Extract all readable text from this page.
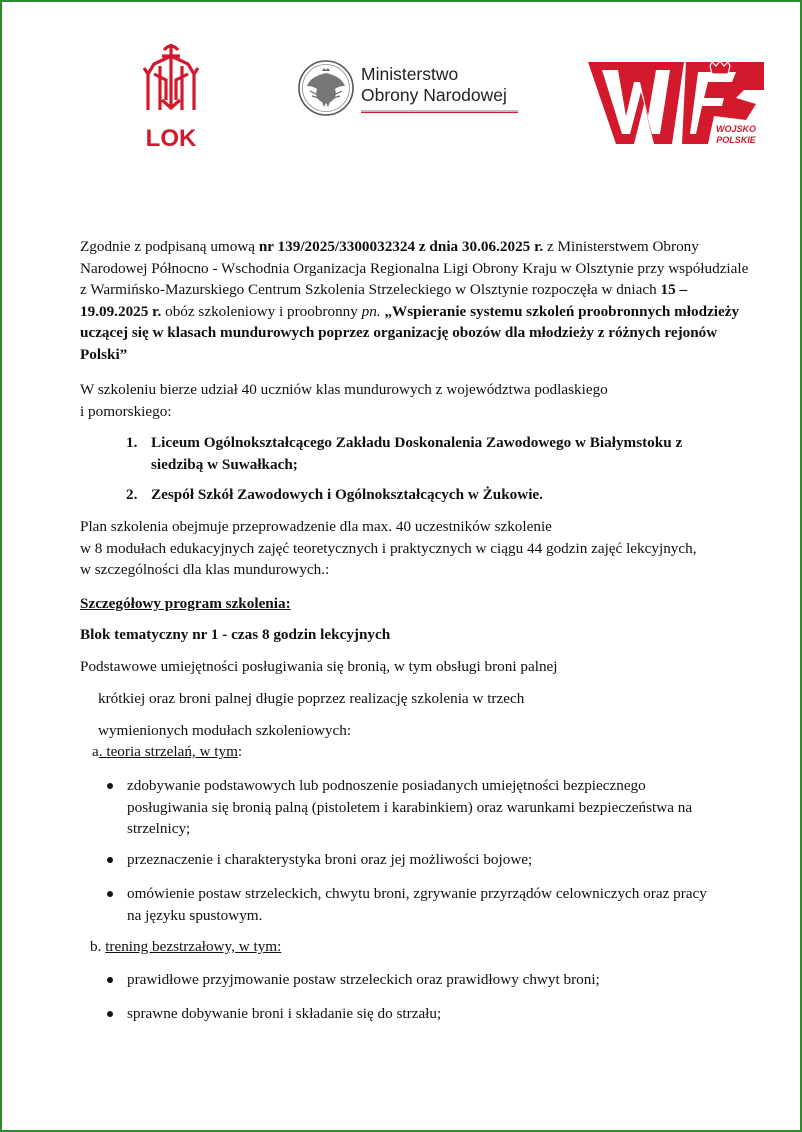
LOK
Ministerstwo
Obrony Narodowej
WOJSKO
POLSKIE

Zgodnie z podpisaną umową nr 139/2025/3300032324 z dnia 30.06.2025 r. z Ministerstwem Obrony Narodowej Północno - Wschodnia Organizacja Regionalna Ligi Obrony Kraju w Olsztynie przy współudziale z Warmińsko-Mazurskiego Centrum Szkolenia Strzeleckiego w Olsztynie rozpoczęła w dniach 15 – 19.09.2025 r. obóz szkoleniowy i proobronny pn. „Wspieranie systemu szkoleń proobronnych młodzieży uczącej się w klasach mundurowych poprzez organizację obozów dla młodzieży z różnych rejonów Polski”

W szkoleniu bierze udział 40 uczniów klas mundurowych z województwa podlaskiego
i pomorskiego:

1. Liceum Ogólnokształcącego Zakładu Doskonalenia Zawodowego w Białymstoku z
siedzibą w Suwałkach;

2. Zespół Szkół Zawodowych i Ogólnokształcących w Żukowie.

Plan szkolenia obejmuje przeprowadzenie dla max. 40 uczestników szkolenie
w 8 modułach edukacyjnych zajęć teoretycznych i praktycznych w ciągu 44 godzin zajęć lekcyjnych,
w szczególności dla klas mundurowych.:

Szczegółowy program szkolenia:

Blok tematyczny nr 1 - czas 8 godzin lekcyjnych

Podstawowe umiejętności posługiwania się bronią, w tym obsługi broni palnej

krótkiej oraz broni palnej długie poprzez realizację szkolenia w trzech

wymienionych modułach szkoleniowych:

a. teoria strzelań, w tym:

zdobywanie podstawowych lub podnoszenie posiadanych umiejętności bezpiecznego
posługiwania się bronią palną (pistoletem i karabinkiem) oraz warunkami bezpieczeństwa na
strzelnicy;

przeznaczenie i charakterystyka broni oraz jej możliwości bojowe;

omówienie postaw strzeleckich, chwytu broni, zgrywanie przyrządów celowniczych oraz pracy
na języku spustowym.

b. trening bezstrzałowy, w tym:

prawidłowe przyjmowanie postaw strzeleckich oraz prawidłowy chwyt broni;

sprawne dobywanie broni i składanie się do strzału;
